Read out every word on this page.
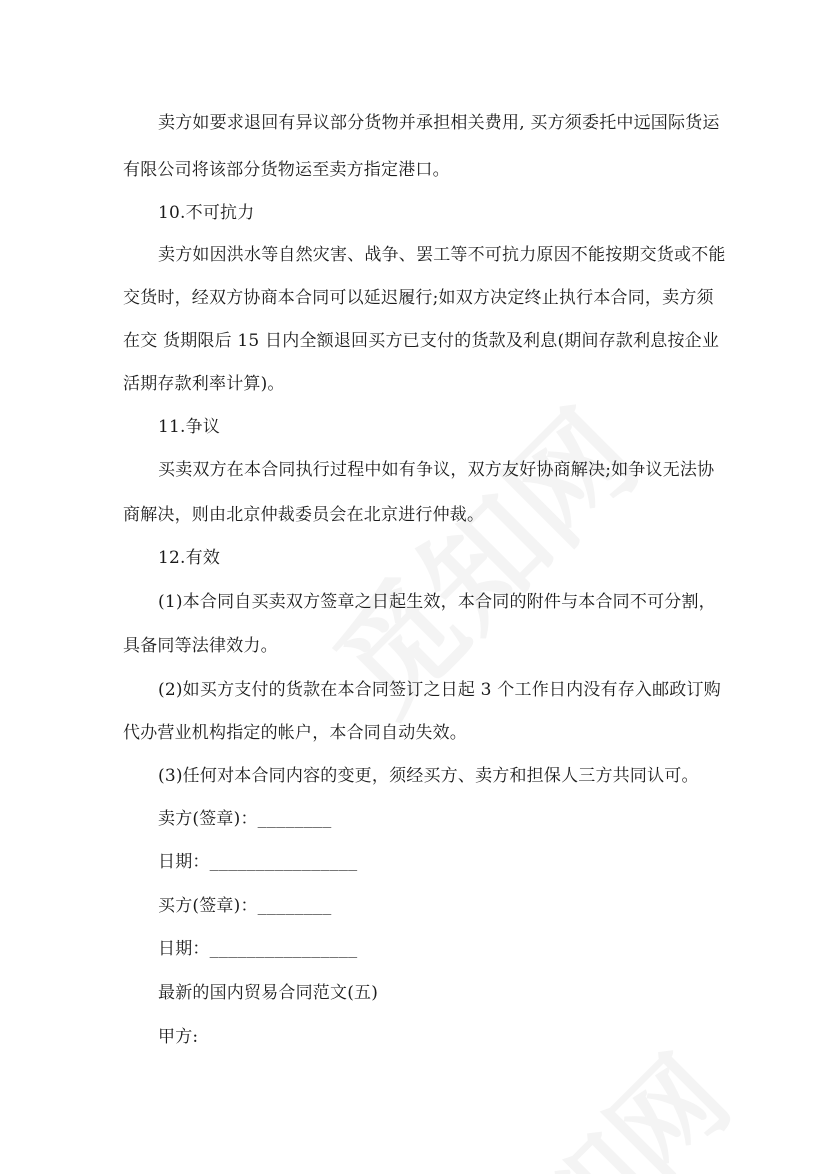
卖方如要求退回有异议部分货物并承担相关费用, 买方须委托中远国际货运
有限公司将该部分货物运至卖方指定港口。
10.不可抗力
卖方如因洪水等自然灾害、战争、罢工等不可抗力原因不能按期交货或不能
交货时，经双方协商本合同可以延迟履行;如双方决定终止执行本合同，卖方须
在交 货期限后 15 日内全额退回买方已支付的货款及利息(期间存款利息按企业
活期存款利率计算)。
11.争议
买卖双方在本合同执行过程中如有争议，双方友好协商解决;如争议无法协
商解决，则由北京仲裁委员会在北京进行仲裁。
12.有效
(1)本合同自买卖双方签章之日起生效，本合同的附件与本合同不可分割，
具备同等法律效力。
(2)如买方支付的货款在本合同签订之日起 3 个工作日内没有存入邮政订购
代办营业机构指定的帐户，本合同自动失效。
(3)任何对本合同内容的变更，须经买方、卖方和担保人三方共同认可。
卖方(签章)：________
日期：________________
买方(签章)：________
日期：________________
最新的国内贸易合同范文(五)
甲方:
